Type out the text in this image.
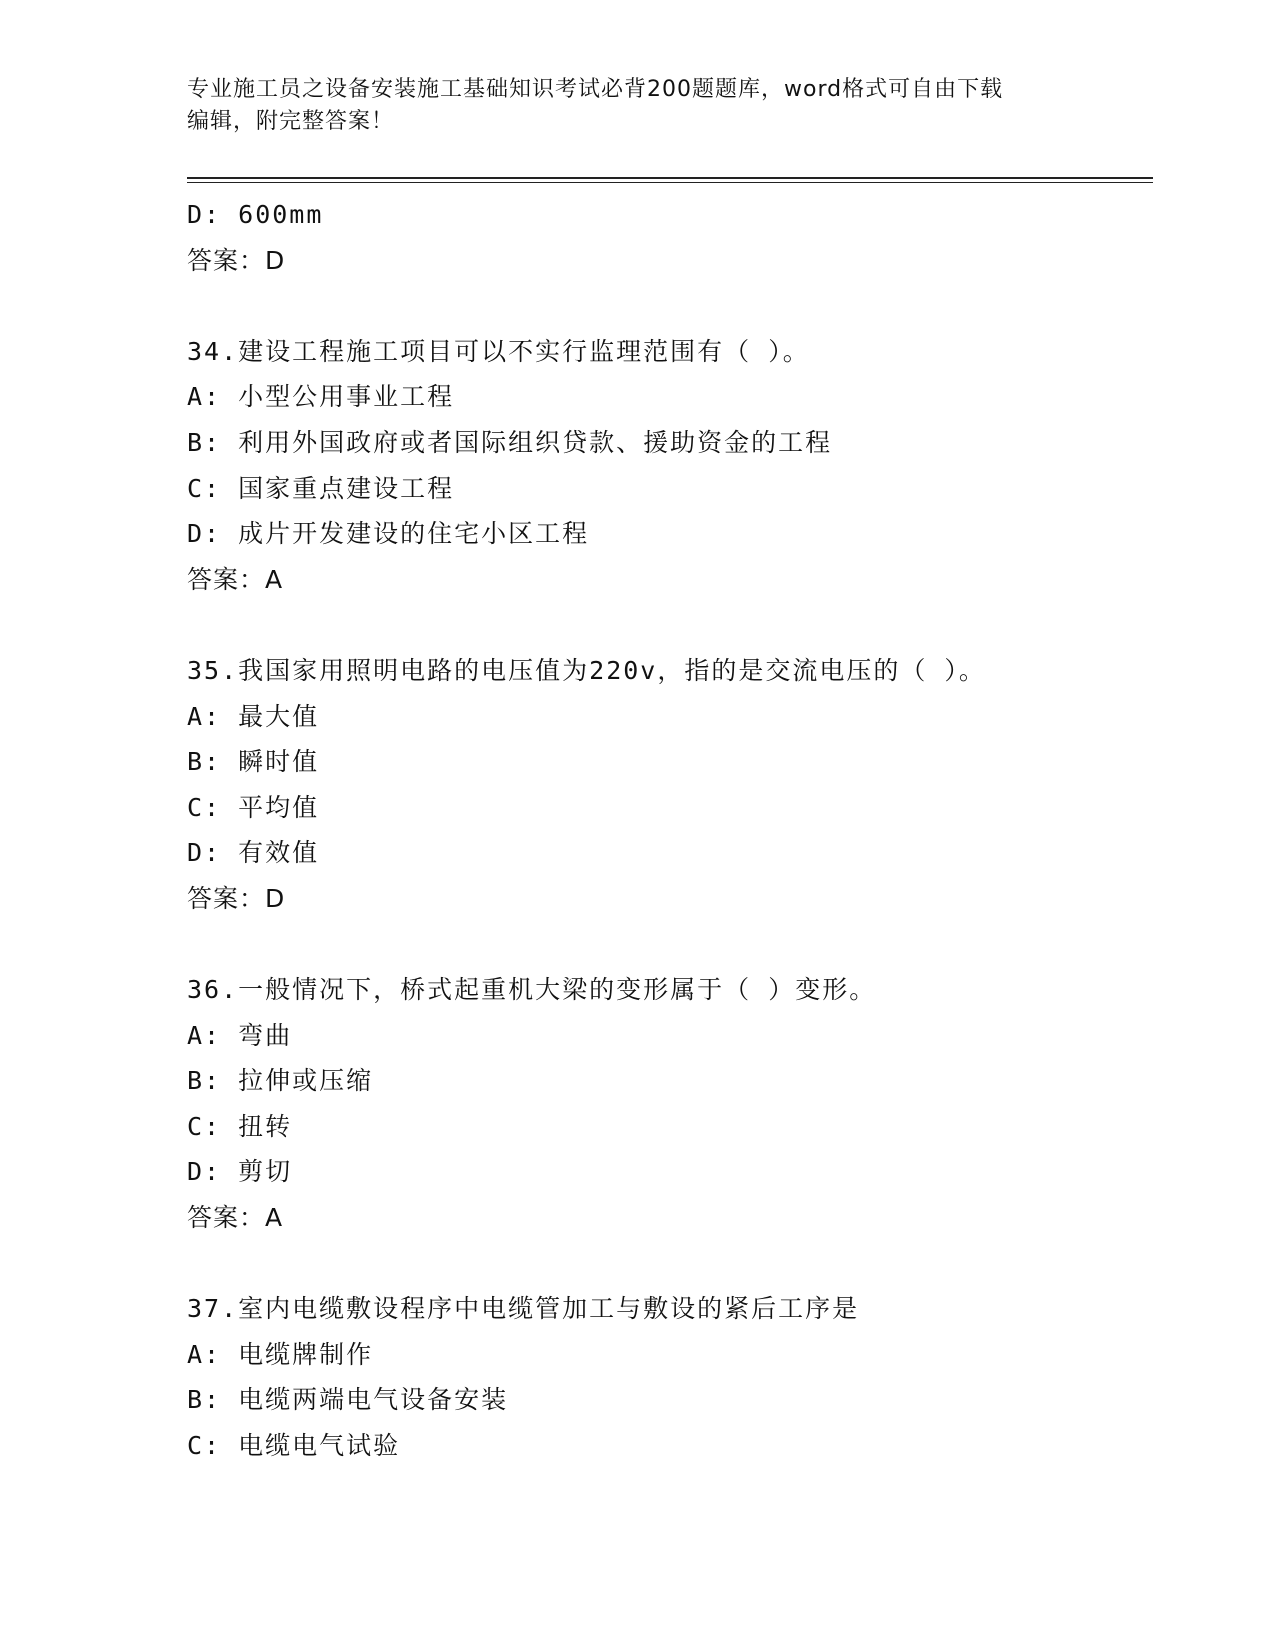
专业施工员之设备安装施工基础知识考试必背200题题库，word格式可自由下载
编辑，附完整答案！
D: 600mm
答案：D
34.建设工程施工项目可以不实行监理范围有（ ）。
A: 小型公用事业工程
B: 利用外国政府或者国际组织贷款、援助资金的工程
C: 国家重点建设工程
D: 成片开发建设的住宅小区工程
答案：A
35.我国家用照明电路的电压值为220v，指的是交流电压的（ ）。
A: 最大值
B: 瞬时值
C: 平均值
D: 有效值
答案：D
36.一般情况下，桥式起重机大梁的变形属于（ ）变形。
A: 弯曲
B: 拉伸或压缩
C: 扭转
D: 剪切
答案：A
37.室内电缆敷设程序中电缆管加工与敷设的紧后工序是
A: 电缆牌制作
B: 电缆两端电气设备安装
C: 电缆电气试验
